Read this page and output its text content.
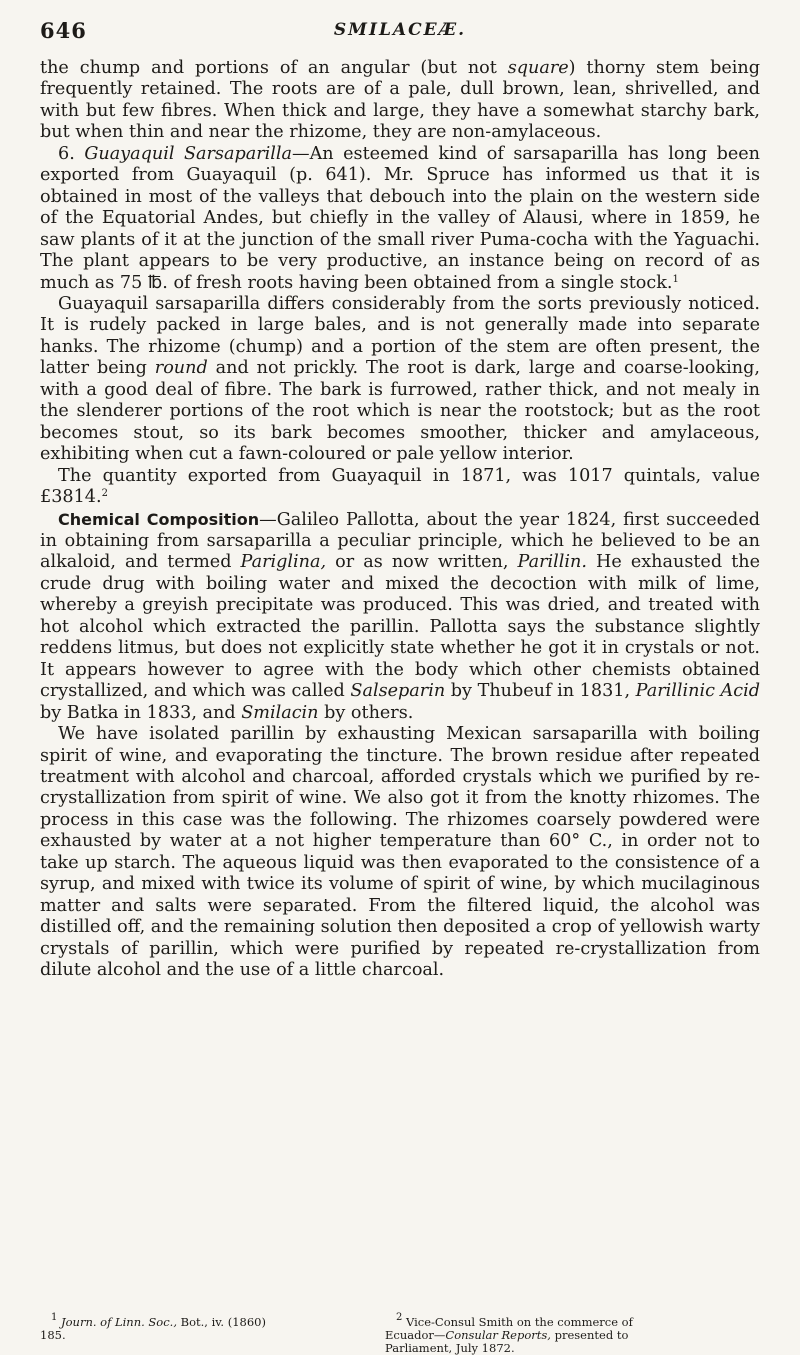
646	SMILACEÆ.

the chump and portions of an angular (but not square) thorny stem being frequently retained. The roots are of a pale, dull brown, lean, shrivelled, and with but few fibres. When thick and large, they have a somewhat starchy bark, but when thin and near the rhizome, they are non-amylaceous.

6. Guayaquil Sarsaparilla—An esteemed kind of sarsaparilla has long been exported from Guayaquil (p. 641). Mr. Spruce has informed us that it is obtained in most of the valleys that debouch into the plain on the western side of the Equatorial Andes, but chiefly in the valley of Alausi, where in 1859, he saw plants of it at the junction of the small river Puma-cocha with the Yaguachi. The plant appears to be very productive, an instance being on record of as much as 75 ℔. of fresh roots having been obtained from a single stock.$^1$

Guayaquil sarsaparilla differs considerably from the sorts previously noticed. It is rudely packed in large bales, and is not generally made into separate hanks. The rhizome (chump) and a portion of the stem are often present, the latter being round and not prickly. The root is dark, large and coarse-looking, with a good deal of fibre. The bark is furrowed, rather thick, and not mealy in the slenderer portions of the root which is near the rootstock; but as the root becomes stout, so its bark becomes smoother, thicker and amylaceous, exhibiting when cut a fawn-coloured or pale yellow interior.

The quantity exported from Guayaquil in 1871, was 1017 quintals, value £3814.$^2$

Chemical Composition—Galileo Pallotta, about the year 1824, first succeeded in obtaining from sarsaparilla a peculiar principle, which he believed to be an alkaloid, and termed Pariglina, or as now written, Parillin. He exhausted the crude drug with boiling water and mixed the decoction with milk of lime, whereby a greyish precipitate was produced. This was dried, and treated with hot alcohol which extracted the parillin. Pallotta says the substance slightly reddens litmus, but does not explicitly state whether he got it in crystals or not. It appears however to agree with the body which other chemists obtained crystallized, and which was called Salseparin by Thubeuf in 1831, Parillinic Acid by Batka in 1833, and Smilacin by others.

We have isolated parillin by exhausting Mexican sarsaparilla with boiling spirit of wine, and evaporating the tincture. The brown residue after repeated treatment with alcohol and charcoal, afforded crystals which we purified by re-crystallization from spirit of wine. We also got it from the knotty rhizomes. The process in this case was the following. The rhizomes coarsely powdered were exhausted by water at a not higher temperature than 60° C., in order not to take up starch. The aqueous liquid was then evaporated to the consistence of a syrup, and mixed with twice its volume of spirit of wine, by which mucilaginous matter and salts were separated. From the filtered liquid, the alcohol was distilled off, and the remaining solution then deposited a crop of yellowish warty crystals of parillin, which were purified by repeated re-crystallization from dilute alcohol and the use of a little charcoal.

$^1$ Journ. of Linn. Soc., Bot., iv. (1860)
185.
$^2$ Vice-Consul Smith on the commerce of
Ecuador—Consular Reports, presented to
Parliament, July 1872.
